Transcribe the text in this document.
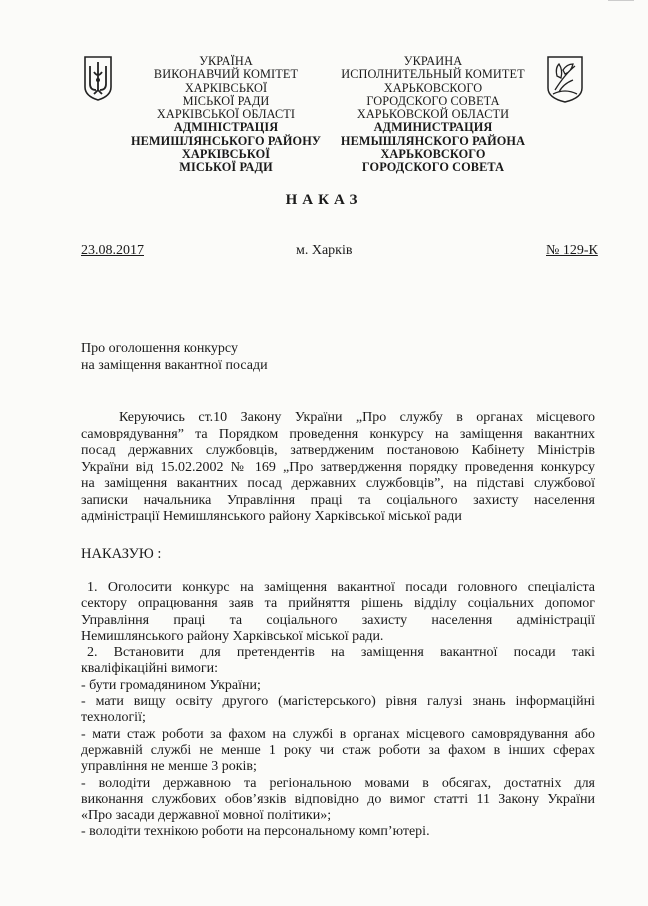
УКРАЇНА
ВИКОНАВЧИЙ КОМІТЕТ
ХАРКІВСЬКОЇ
МІСЬКОЇ РАДИ
ХАРКІВСЬКОЇ ОБЛАСТІ
АДМІНІСТРАЦІЯ
НЕМИШЛЯНСЬКОГО РАЙОНУ
ХАРКІВСЬКОЇ
МІСЬКОЇ РАДИ
УКРАИНА
ИСПОЛНИТЕЛЬНЫЙ КОМИТЕТ
ХАРЬКОВСКОГО
ГОРОДСКОГО СОВЕТА
ХАРЬКОВСКОЙ ОБЛАСТИ
АДМИНИСТРАЦИЯ
НЕМЫШЛЯНСКОГО РАЙОНА
ХАРЬКОВСКОГО
ГОРОДСКОГО СОВЕТА
НАКАЗ
23.08.2017	м. Харків	№ 129-К
Про оголошення конкурсу
на заміщення вакантної посади
Керуючись ст.10 Закону України „Про службу в органах місцевого
самоврядування” та Порядком проведення конкурсу на заміщення вакантних
посад державних службовців, затвердженим постановою Кабінету Міністрів
України від 15.02.2002 № 169 „Про затвердження порядку проведення конкурсу
на заміщення вакантних посад державних службовців”, на підставі службової
записки начальника Управління праці та соціального захисту населення
адміністрації Немишлянського району Харківської міської ради
НАКАЗУЮ :
1. Оголосити конкурс на заміщення вакантної посади головного спеціаліста
сектору опрацювання заяв та прийняття рішень відділу соціальних допомог
Управління праці та соціального захисту населення адміністрації
Немишлянського району Харківської міської ради.
2. Встановити для претендентів на заміщення вакантної посади такі
кваліфікаційні вимоги:
- бути громадянином України;
- мати вищу освіту другого (магістерського) рівня галузі знань інформаційні
технології;
- мати стаж роботи за фахом на службі в органах місцевого самоврядування або
державній службі не менше 1 року чи стаж роботи за фахом в інших сферах
управління не менше 3 років;
- володіти державною та регіональною мовами в обсягах, достатніх для
виконання службових обов’язків відповідно до вимог статті 11 Закону України
«Про засади державної мовної політики»;
- володіти технікою роботи на персональному комп’ютері.
